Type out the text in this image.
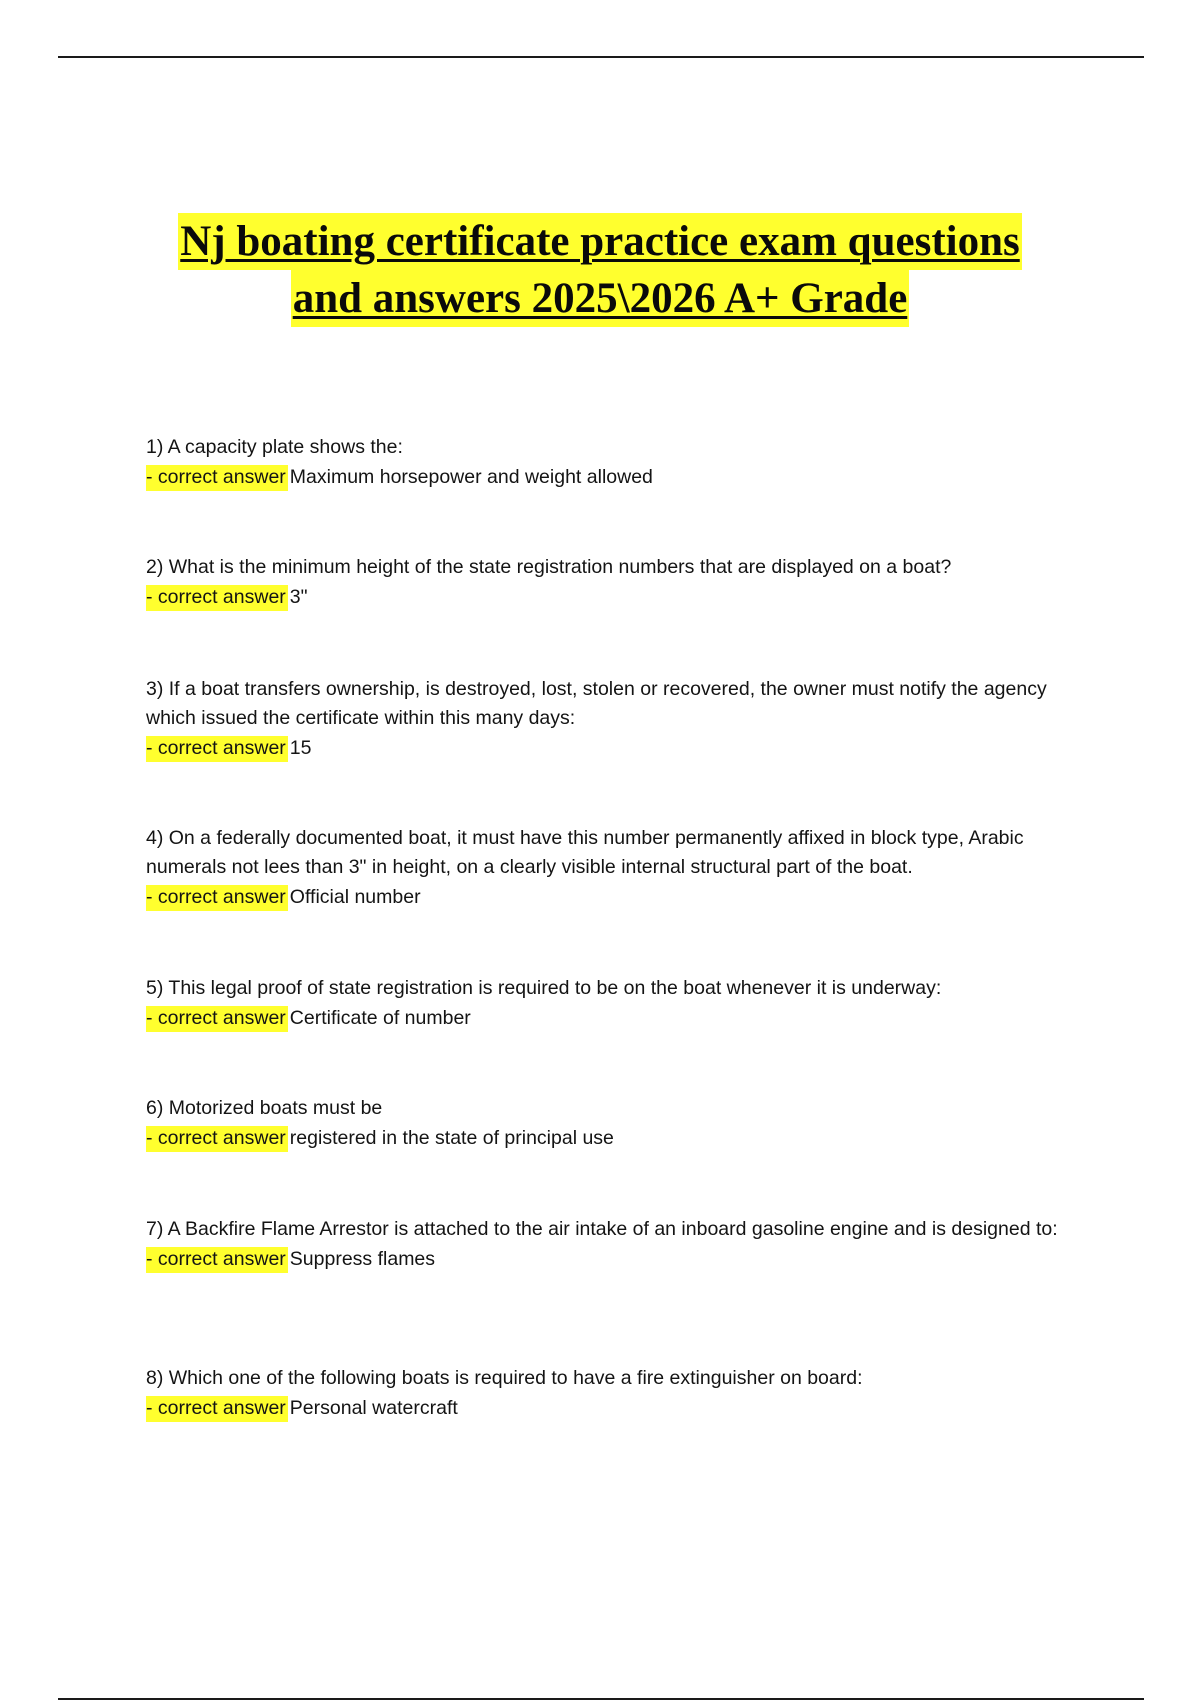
Nj boating certificate practice exam questions
and answers 2025\2026 A+ Grade
1) A capacity plate shows the:
- correct answer Maximum horsepower and weight allowed
2) What is the minimum height of the state registration numbers that are displayed on a boat?
- correct answer 3"
3) If a boat transfers ownership, is destroyed, lost, stolen or recovered, the owner must notify the agency which issued the certificate within this many days:
- correct answer 15
4) On a federally documented boat, it must have this number permanently affixed in block type, Arabic numerals not lees than 3" in height, on a clearly visible internal structural part of the boat.
- correct answer Official number
5) This legal proof of state registration is required to be on the boat whenever it is underway:
- correct answer Certificate of number
6) Motorized boats must be
- correct answer registered in the state of principal use
7) A Backfire Flame Arrestor is attached to the air intake of an inboard gasoline engine and is designed to:
- correct answer Suppress flames
8) Which one of the following boats is required to have a fire extinguisher on board:
- correct answer Personal watercraft
